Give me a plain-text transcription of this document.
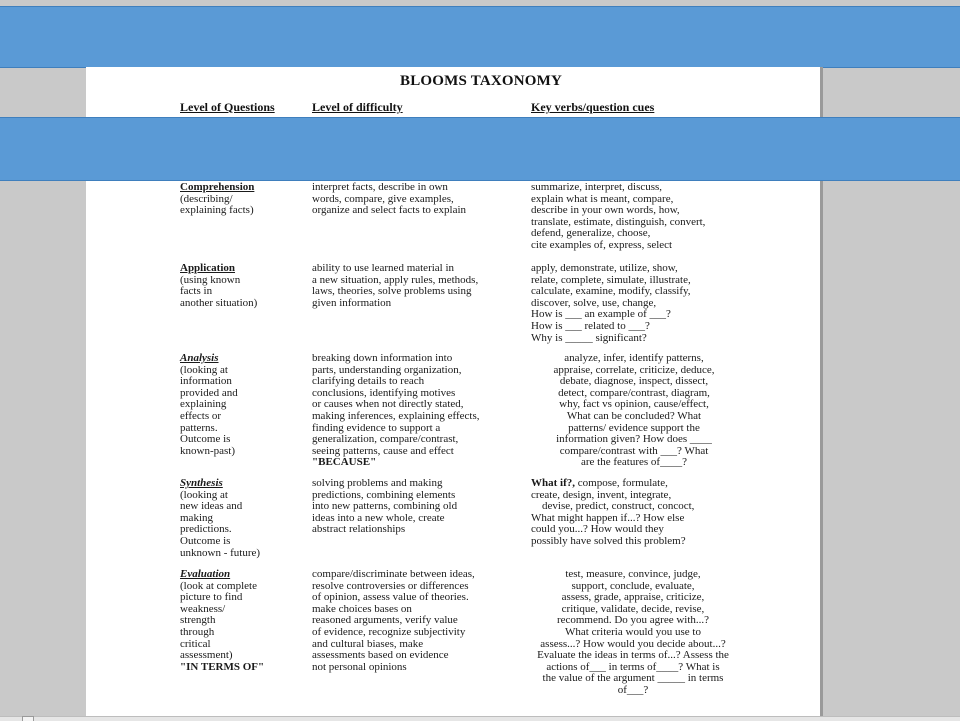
BLOOMS TAXONOMY
Level of Questions	Level of difficulty	Key verbs/question cues
Comprehension
(describing/
explaining facts)
interpret facts, describe in own
words, compare, give examples,
organize and select facts to explain
summarize, interpret, discuss,
explain what is meant, compare,
describe in your own words, how,
translate, estimate, distinguish, convert,
defend, generalize, choose,
cite examples of, express, select
Application
(using known
facts in
another situation)
ability to use learned material in
a new situation, apply rules, methods,
laws, theories, solve problems using
given information
apply, demonstrate, utilize, show,
relate, complete, simulate, illustrate,
calculate, examine, modify, classify,
discover, solve, use, change,
How is ___ an example of ___?
How is ___ related to ___?
Why is _____ significant?
Analysis
(looking at
information
provided and
explaining
effects or
patterns.
Outcome is
known-past)
breaking down information into
parts, understanding organization,
clarifying details to reach
conclusions, identifying motives
or causes when not directly stated,
making inferences, explaining effects,
finding evidence to support a
generalization, compare/contrast,
seeing patterns, cause and effect
"BECAUSE"
analyze, infer, identify patterns,
appraise, correlate, criticize, deduce,
debate, diagnose, inspect, dissect,
detect, compare/contrast, diagram,
why, fact vs opinion, cause/effect,
What can be concluded? What
patterns/ evidence support the
information given? How does ____
compare/contrast with ___? What
are the features of____?
Synthesis
(looking at
new ideas and
making
predictions.
Outcome is
unknown - future)
solving problems and making
predictions, combining elements
into new patterns, combining old
ideas into a new whole, create
abstract relationships
What if?, compose, formulate,
create, design, invent, integrate,
devise, predict, construct, concoct,
What might happen if...? How else
could you...? How would they
possibly have solved this problem?
Evaluation
(look at complete
picture to find
weakness/
strength
through
critical
assessment)
"IN TERMS OF"
compare/discriminate between ideas,
resolve controversies or differences
of opinion, assess value of theories.
make choices bases on
reasoned arguments, verify value
of evidence, recognize subjectivity
and cultural biases, make
assessments based on evidence
not personal opinions
test, measure, convince, judge,
support, conclude, evaluate,
assess, grade, appraise, criticize,
critique, validate, decide, revise,
recommend. Do you agree with...?
What criteria would you use to
assess...? How would you decide about...?
Evaluate the ideas in terms of...? Assess the
actions of___ in terms of____? What is
the value of the argument _____ in terms
of___?
